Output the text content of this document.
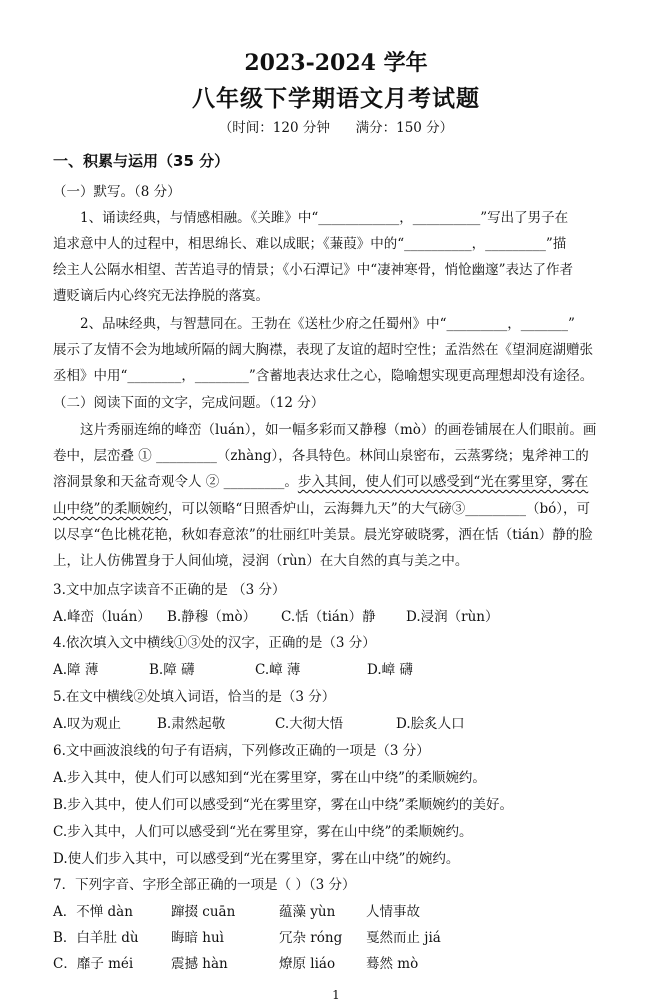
2023-2024 学年
八年级下学期语文月考试题
（时间：120 分钟      满分：150 分）
一、积累与运用（35 分）
（一）默写。（8 分）
1、诵读经典，与情感相融。《关雎》中“____________，__________”写出了男子在
追求意中人的过程中，相思绵长、难以成眠；《蒹葭》中的“__________，_________”描
绘主人公隔水相望、苦苦追寻的情景；《小石潭记》中“凄神寒骨，悄怆幽邃”表达了作者
遭贬谪后内心终究无法挣脱的落寞。
2、品味经典，与智慧同在。王勃在《送杜少府之任蜀州》中“_________，_______”
展示了友情不会为地域所隔的阔大胸襟，表现了友谊的超时空性；孟浩然在《望洞庭湖赠张
丞相》中用“________，________”含蓄地表达求仕之心，隐喻想实现更高理想却没有途径。
（二）阅读下面的文字，完成问题。（12 分）
这片秀丽连绵的峰峦（luán），如一幅多彩而又静穆（mò）的画卷铺展在人们眼前。画
卷中，层峦叠 ① _________（zhàng），各具特色。林间山泉密布，云蒸雾绕；鬼斧神工的
溶洞景象和天盆奇观令人 ② _________。步入其间，使人们可以感受到“光在雾里穿，雾在
山中绕”的柔顺婉约，可以领略“日照香炉山，云海舞九天”的大气磅③_________（bó），可
以尽享“色比桃花艳，秋如春意浓”的壮丽红叶美景。晨光穿破晓雾，洒在恬（tián）静的脸
上，让人仿佛置身于人间仙境，浸润（rùn）在大自然的真与美之中。
3.文中加点字读音不正确的是 （3 分）
A.峰峦（luán） B.静穆（mò） C.恬（tián）静 D.浸润（rùn）
4.依次填入文中横线①③处的汉字，正确的是（3 分）
A.障 薄	B.障 礴	C.嶂 薄	D.嶂 礴
5.在文中横线②处填入词语，恰当的是（3 分）
A.叹为观止	B.肃然起敬	C.大彻大悟	D.脍炙人口
6.文中画波浪线的句子有语病，下列修改正确的一项是（3 分）
A.步入其中，使人们可以感知到“光在雾里穿，雾在山中绕”的柔顺婉约。
B.步入其中，使人们可以感受到“光在雾里穿，雾在山中绕”柔顺婉约的美好。
C.步入其中，人们可以感受到“光在雾里穿，雾在山中绕”的柔顺婉约。
D.使人们步入其中，可以感受到“光在雾里穿，雾在山中绕”的婉约。
7．下列字音、字形全部正确的一项是（ ）（3 分）
A．不惮 dàn	蹿掇 cuān	蕴藻 yùn 人情事故
B．白羊肚 dù 晦暗 huì	冗杂 róng 戛然而止 jiá
C．靡子 méi	震撼 hàn	燎原 liáo 蓦然 mò
1
